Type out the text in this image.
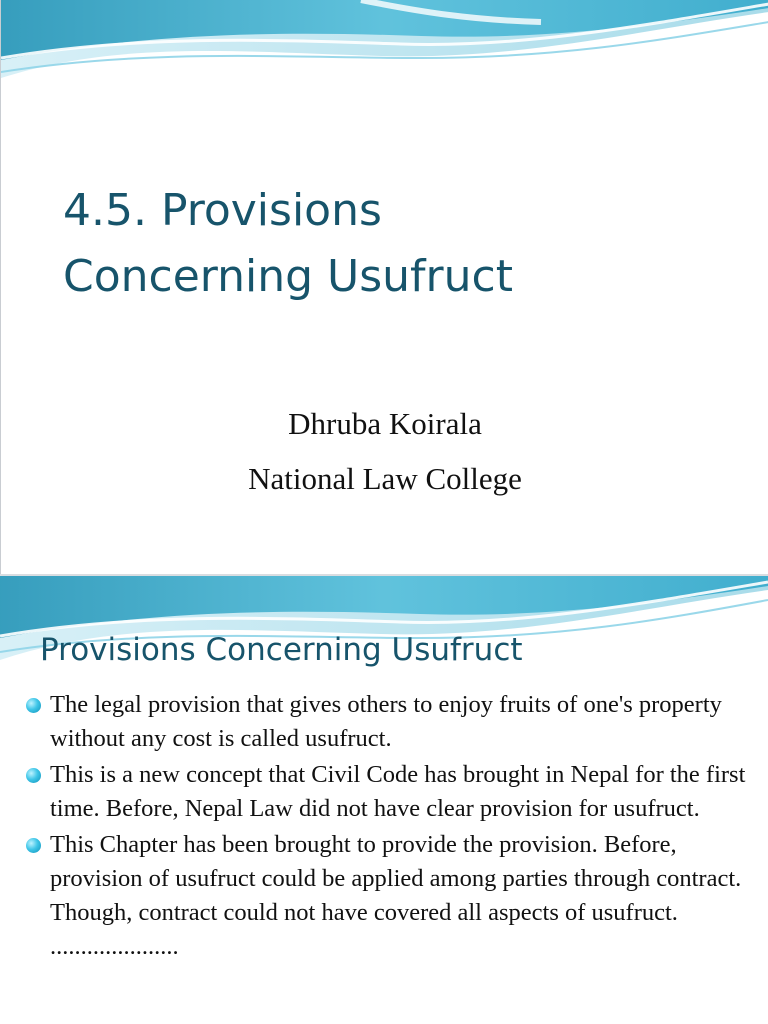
4.5. Provisions
Concerning Usufruct
Dhruba Koirala
National Law College
Provisions Concerning Usufruct
The legal provision that gives others to enjoy fruits of one's property without any cost is called usufruct.
This is a new concept that Civil Code has brought in Nepal for the first time. Before, Nepal Law did not have clear provision for usufruct.
This Chapter has been brought to provide the provision. Before, provision of usufruct could be applied among parties through contract. Though, contract could not have covered all aspects of usufruct. .....................
